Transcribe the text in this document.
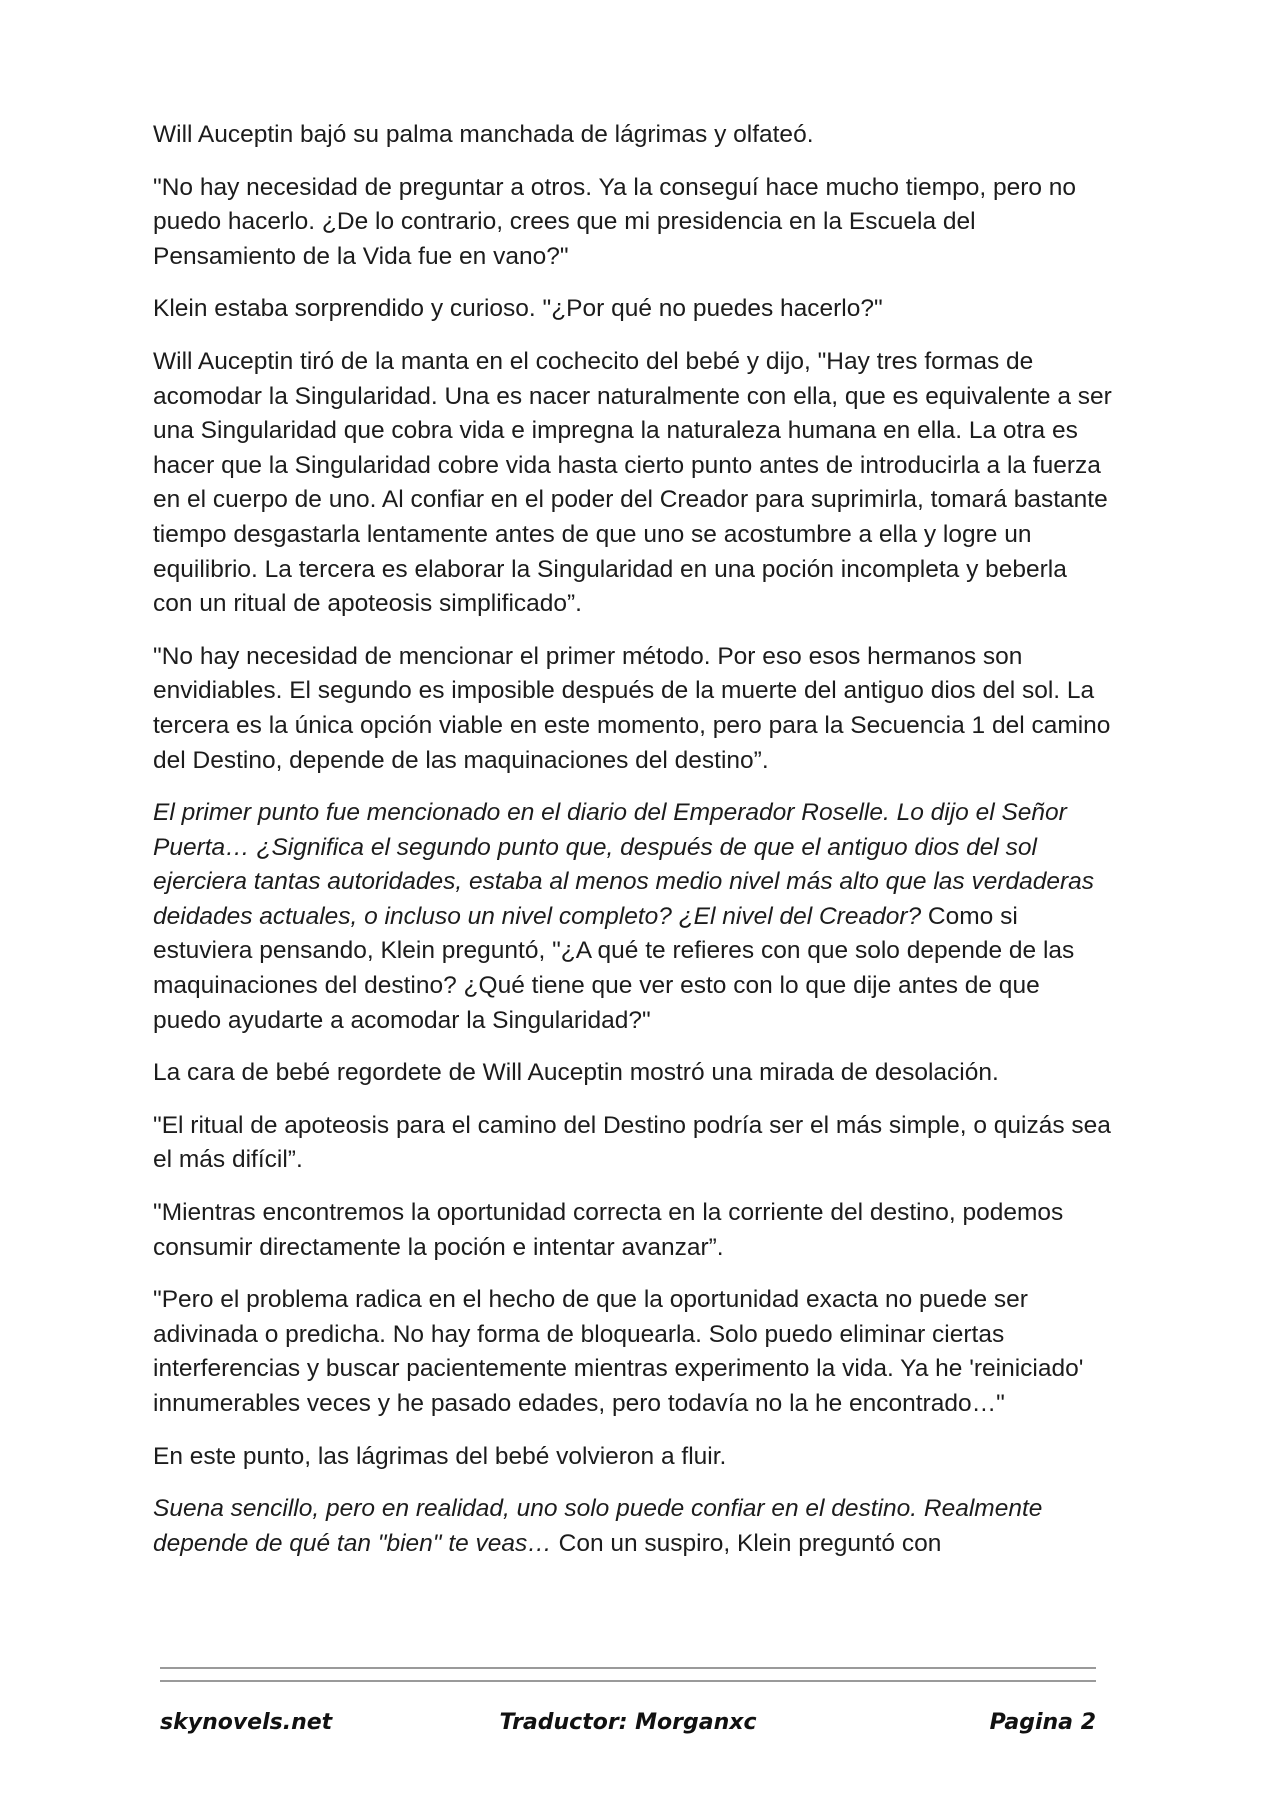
Will Auceptin bajó su palma manchada de lágrimas y olfateó.

"No hay necesidad de preguntar a otros. Ya la conseguí hace mucho tiempo, pero no puedo hacerlo. ¿De lo contrario, crees que mi presidencia en la Escuela del Pensamiento de la Vida fue en vano?"

Klein estaba sorprendido y curioso. "¿Por qué no puedes hacerlo?"

Will Auceptin tiró de la manta en el cochecito del bebé y dijo, "Hay tres formas de acomodar la Singularidad. Una es nacer naturalmente con ella, que es equivalente a ser una Singularidad que cobra vida e impregna la naturaleza humana en ella. La otra es hacer que la Singularidad cobre vida hasta cierto punto antes de introducirla a la fuerza en el cuerpo de uno. Al confiar en el poder del Creador para suprimirla, tomará bastante tiempo desgastarla lentamente antes de que uno se acostumbre a ella y logre un equilibrio. La tercera es elaborar la Singularidad en una poción incompleta y beberla con un ritual de apoteosis simplificado”.

"No hay necesidad de mencionar el primer método. Por eso esos hermanos son envidiables. El segundo es imposible después de la muerte del antiguo dios del sol. La tercera es la única opción viable en este momento, pero para la Secuencia 1 del camino del Destino, depende de las maquinaciones del destino”.

El primer punto fue mencionado en el diario del Emperador Roselle. Lo dijo el Señor Puerta… ¿Significa el segundo punto que, después de que el antiguo dios del sol ejerciera tantas autoridades, estaba al menos medio nivel más alto que las verdaderas deidades actuales, o incluso un nivel completo? ¿El nivel del Creador? Como si estuviera pensando, Klein preguntó, "¿A qué te refieres con que solo depende de las maquinaciones del destino? ¿Qué tiene que ver esto con lo que dije antes de que puedo ayudarte a acomodar la Singularidad?"

La cara de bebé regordete de Will Auceptin mostró una mirada de desolación.

"El ritual de apoteosis para el camino del Destino podría ser el más simple, o quizás sea el más difícil”.

"Mientras encontremos la oportunidad correcta en la corriente del destino, podemos consumir directamente la poción e intentar avanzar”.

"Pero el problema radica en el hecho de que la oportunidad exacta no puede ser adivinada o predicha. No hay forma de bloquearla. Solo puedo eliminar ciertas interferencias y buscar pacientemente mientras experimento la vida. Ya he 'reiniciado' innumerables veces y he pasado edades, pero todavía no la he encontrado…"

En este punto, las lágrimas del bebé volvieron a fluir.

Suena sencillo, pero en realidad, uno solo puede confiar en el destino. Realmente depende de qué tan "bien" te veas… Con un suspiro, Klein preguntó con

skynovels.net	Traductor: Morganxc	Pagina 2
